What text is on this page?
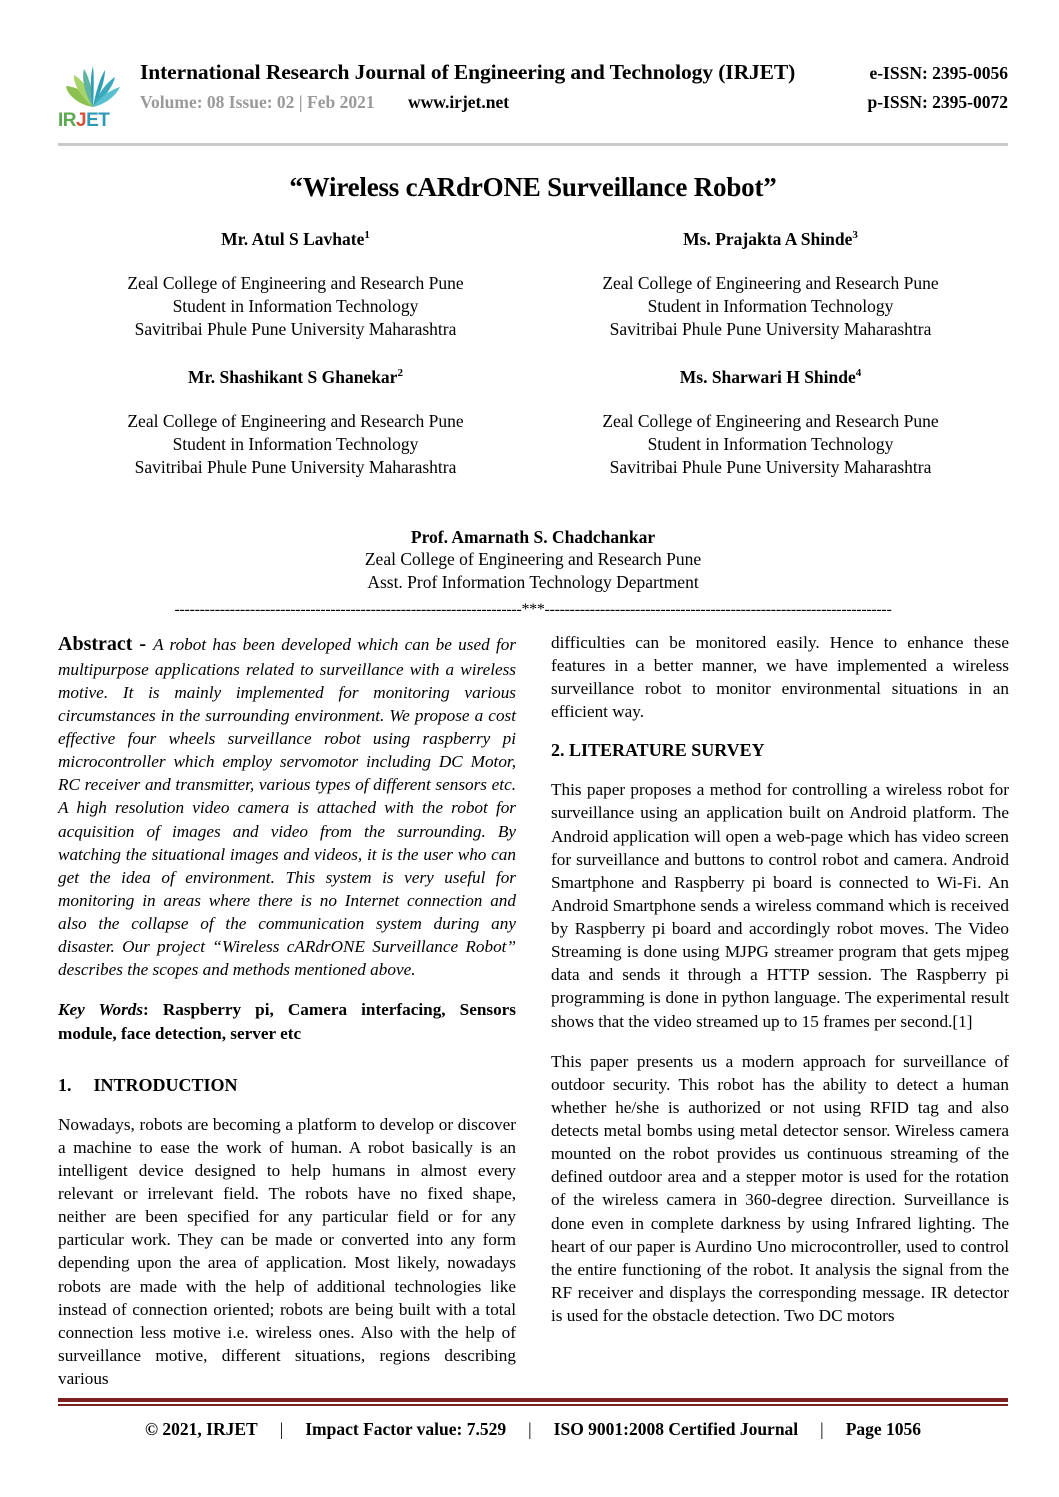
IRJET
International Research Journal of Engineering and Technology (IRJET)	e-ISSN: 2395-0056
Volume: 08 Issue: 02 | Feb 2021	www.irjet.net	p-ISSN: 2395-0072
“Wireless cARdrONE Surveillance Robot”
Mr. Atul S Lavhate$^1$
Zeal College of Engineering and Research Pune
Student in Information Technology
Savitribai Phule Pune University Maharashtra
Ms. Prajakta A Shinde$^3$
Zeal College of Engineering and Research Pune
Student in Information Technology
Savitribai Phule Pune University Maharashtra
Mr. Shashikant S Ghanekar$^2$
Zeal College of Engineering and Research Pune
Student in Information Technology
Savitribai Phule Pune University Maharashtra
Ms. Sharwari H Shinde$^4$
Zeal College of Engineering and Research Pune
Student in Information Technology
Savitribai Phule Pune University Maharashtra
Prof. Amarnath S. Chadchankar
Zeal College of Engineering and Research Pune
Asst. Prof Information Technology Department
---------------------------------------------------------------------***---------------------------------------------------------------------

Abstract - A robot has been developed which can be used for multipurpose applications related to surveillance with a wireless motive. It is mainly implemented for monitoring various circumstances in the surrounding environment. We propose a cost effective four wheels surveillance robot using raspberry pi microcontroller which employ servomotor including DC Motor, RC receiver and transmitter, various types of different sensors etc. A high resolution video camera is attached with the robot for acquisition of images and video from the surrounding. By watching the situational images and videos, it is the user who can get the idea of environment. This system is very useful for monitoring in areas where there is no Internet connection and also the collapse of the communication system during any disaster. Our project “Wireless cARdrONE Surveillance Robot” describes the scopes and methods mentioned above.

Key Words: Raspberry pi, Camera interfacing, Sensors module, face detection, server etc

1. INTRODUCTION

Nowadays, robots are becoming a platform to develop or discover a machine to ease the work of human. A robot basically is an intelligent device designed to help humans in almost every relevant or irrelevant field. The robots have no fixed shape, neither are been specified for any particular field or for any particular work. They can be made or converted into any form depending upon the area of application. Most likely, nowadays robots are made with the help of additional technologies like instead of connection oriented; robots are being built with a total connection less motive i.e. wireless ones. Also with the help of surveillance motive, different situations, regions describing various

difficulties can be monitored easily. Hence to enhance these features in a better manner, we have implemented a wireless surveillance robot to monitor environmental situations in an efficient way.

2. LITERATURE SURVEY

This paper proposes a method for controlling a wireless robot for surveillance using an application built on Android platform. The Android application will open a web-page which has video screen for surveillance and buttons to control robot and camera. Android Smartphone and Raspberry pi board is connected to Wi-Fi. An Android Smartphone sends a wireless command which is received by Raspberry pi board and accordingly robot moves. The Video Streaming is done using MJPG streamer program that gets mjpeg data and sends it through a HTTP session. The Raspberry pi programming is done in python language. The experimental result shows that the video streamed up to 15 frames per second.[1]

This paper presents us a modern approach for surveillance of outdoor security. This robot has the ability to detect a human whether he/she is authorized or not using RFID tag and also detects metal bombs using metal detector sensor. Wireless camera mounted on the robot provides us continuous streaming of the defined outdoor area and a stepper motor is used for the rotation of the wireless camera in 360-degree direction. Surveillance is done even in complete darkness by using Infrared lighting. The heart of our paper is Aurdino Uno microcontroller, used to control the entire functioning of the robot. It analysis the signal from the RF receiver and displays the corresponding message. IR detector is used for the obstacle detection. Two DC motors

© 2021, IRJET	|	Impact Factor value: 7.529	|	ISO 9001:2008 Certified Journal	|	Page 1056
